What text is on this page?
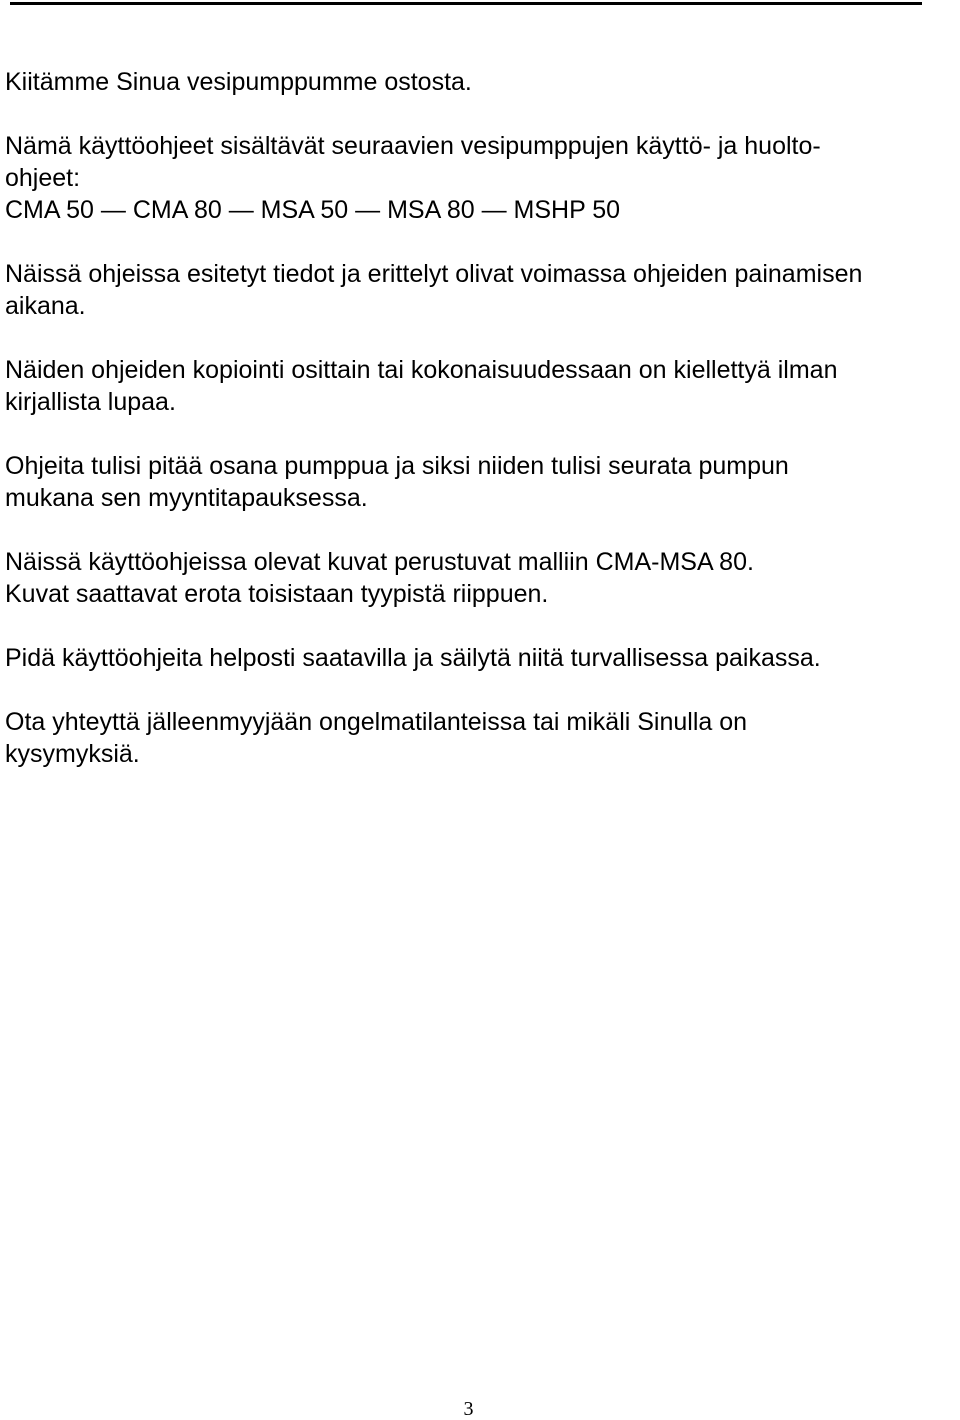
Kiitämme Sinua vesipumppumme ostosta.

Nämä käyttöohjeet sisältävät seuraavien vesipumppujen käyttö- ja huolto-
ohjeet:
CMA 50 — CMA 80 — MSA 50 — MSA 80 — MSHP 50

Näissä ohjeissa esitetyt tiedot ja erittelyt olivat voimassa ohjeiden painamisen
aikana.

Näiden ohjeiden kopiointi osittain tai kokonaisuudessaan on kiellettyä ilman
kirjallista lupaa.

Ohjeita tulisi pitää osana pumppua ja siksi niiden tulisi seurata pumpun
mukana sen myyntitapauksessa.

Näissä käyttöohjeissa olevat kuvat perustuvat malliin CMA-MSA 80.
Kuvat saattavat erota toisistaan tyypistä riippuen.

Pidä käyttöohjeita helposti saatavilla ja säilytä niitä turvallisessa paikassa.

Ota yhteyttä jälleenmyyjään ongelmatilanteissa tai mikäli Sinulla on
kysymyksiä.

3
